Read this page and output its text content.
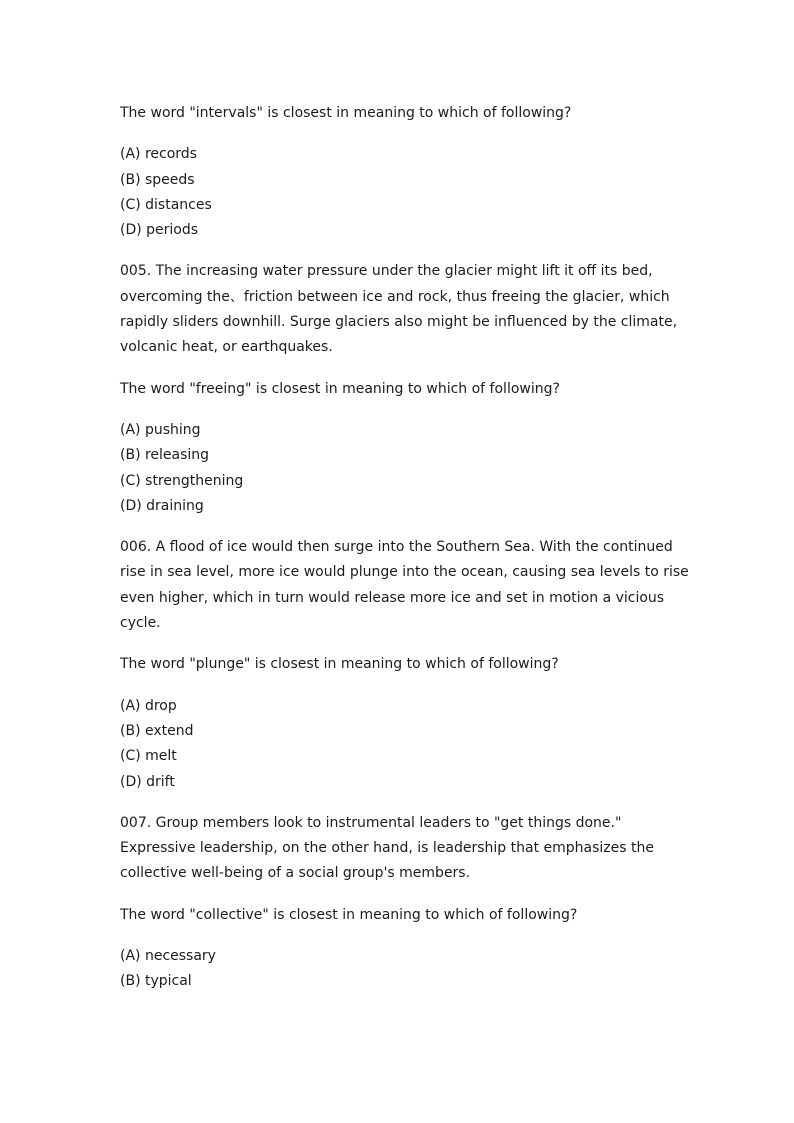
The word "intervals" is closest in meaning to which of following?
(A) records
(B) speeds
(C) distances
(D) periods
005. The increasing water pressure under the glacier might lift it off its bed,
overcoming the、friction between ice and rock, thus freeing the glacier, which
rapidly sliders downhill. Surge glaciers also might be influenced by the climate,
volcanic heat, or earthquakes.
The word "freeing" is closest in meaning to which of following?
(A) pushing
(B) releasing
(C) strengthening
(D) draining
006. A flood of ice would then surge into the Southern Sea. With the continued
rise in sea level, more ice would plunge into the ocean, causing sea levels to rise
even higher, which in turn would release more ice and set in motion a vicious
cycle.
The word "plunge" is closest in meaning to which of following?
(A) drop
(B) extend
(C) melt
(D) drift
007. Group members look to instrumental leaders to "get things done."
Expressive leadership, on the other hand, is leadership that emphasizes the
collective well-being of a social group's members.
The word "collective" is closest in meaning to which of following?
(A) necessary
(B) typical
